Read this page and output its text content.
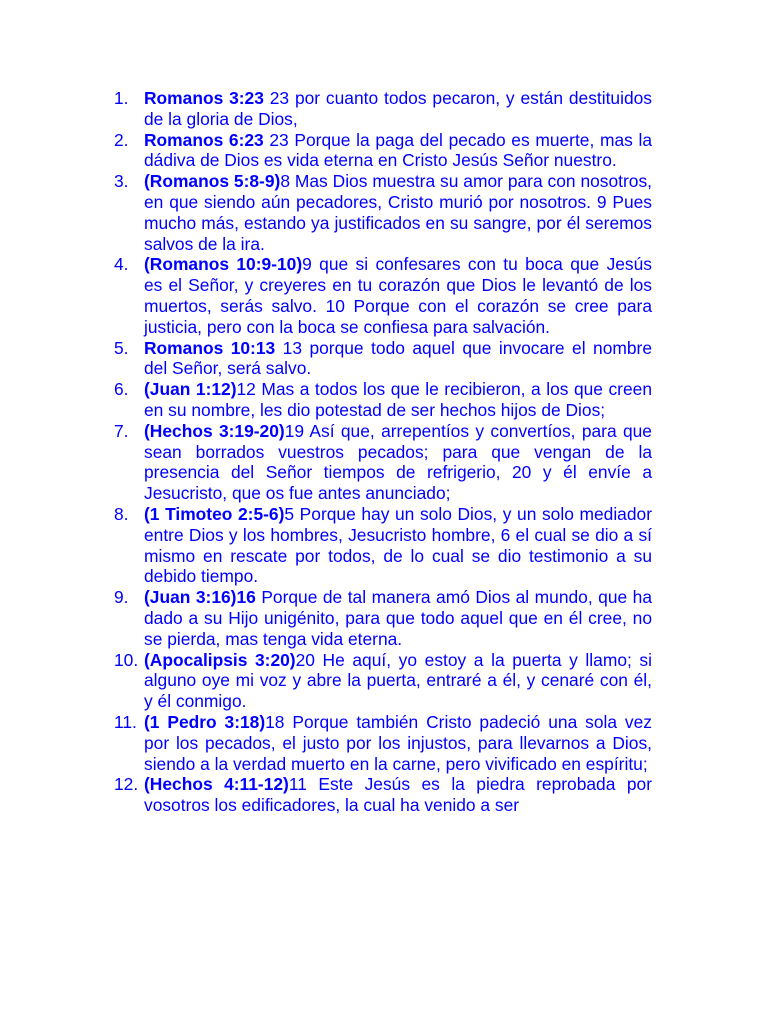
1. Romanos 3:23 23 por cuanto todos pecaron, y están destituidos de la gloria de Dios,
2. Romanos 6:23 23 Porque la paga del pecado es muerte, mas la dádiva de Dios es vida eterna en Cristo Jesús Señor nuestro.
3. (Romanos 5:8-9)8 Mas Dios muestra su amor para con nosotros, en que siendo aún pecadores, Cristo murió por nosotros. 9 Pues mucho más, estando ya justificados en su sangre, por él seremos salvos de la ira.
4. (Romanos 10:9-10)9 que si confesares con tu boca que Jesús es el Señor, y creyeres en tu corazón que Dios le levantó de los muertos, serás salvo. 10 Porque con el corazón se cree para justicia, pero con la boca se confiesa para salvación.
5. Romanos 10:13 13 porque todo aquel que invocare el nombre del Señor, será salvo.
6. (Juan 1:12)12 Mas a todos los que le recibieron, a los que creen en su nombre, les dio potestad de ser hechos hijos de Dios;
7. (Hechos 3:19-20)19 Así que, arrepentíos y convertíos, para que sean borrados vuestros pecados; para que vengan de la presencia del Señor tiempos de refrigerio, 20 y él envíe a Jesucristo, que os fue antes anunciado;
8. (1 Timoteo 2:5-6)5 Porque hay un solo Dios, y un solo mediador entre Dios y los hombres, Jesucristo hombre, 6 el cual se dio a sí mismo en rescate por todos, de lo cual se dio testimonio a su debido tiempo.
9. (Juan 3:16)16 Porque de tal manera amó Dios al mundo, que ha dado a su Hijo unigénito, para que todo aquel que en él cree, no se pierda, mas tenga vida eterna.
10. (Apocalipsis 3:20)20 He aquí, yo estoy a la puerta y llamo; si alguno oye mi voz y abre la puerta, entraré a él, y cenaré con él, y él conmigo.
11. (1 Pedro 3:18)18 Porque también Cristo padeció una sola vez por los pecados, el justo por los injustos, para llevarnos a Dios, siendo a la verdad muerto en la carne, pero vivificado en espíritu;
12. (Hechos 4:11-12)11 Este Jesús es la piedra reprobada por vosotros los edificadores, la cual ha venido a ser
